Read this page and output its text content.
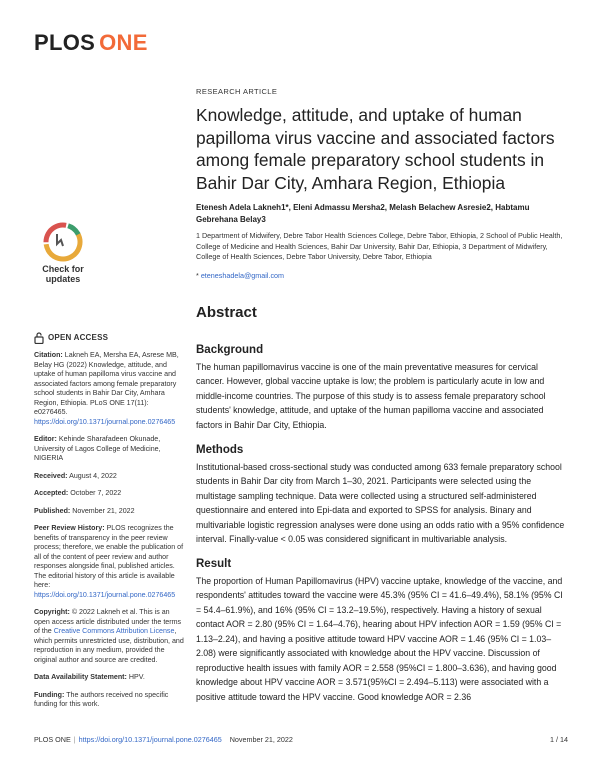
PLOS ONE
Check for
updates
OPEN ACCESS

Citation: Lakneh EA, Mersha EA, Asrese MB, Belay HG (2022) Knowledge, attitude, and uptake of human papilloma virus vaccine and associated factors among female preparatory school students in Bahir Dar City, Amhara Region, Ethiopia. PLoS ONE 17(11): e0276465. https://doi.org/10.1371/journal.pone.0276465

Editor: Kehinde Sharafadeen Okunade, University of Lagos College of Medicine, NIGERIA

Received: August 4, 2022

Accepted: October 7, 2022

Published: November 21, 2022

Peer Review History: PLOS recognizes the benefits of transparency in the peer review process; therefore, we enable the publication of all of the content of peer review and author responses alongside final, published articles. The editorial history of this article is available here: https://doi.org/10.1371/journal.pone.0276465

Copyright: © 2022 Lakneh et al. This is an open access article distributed under the terms of the Creative Commons Attribution License, which permits unrestricted use, distribution, and reproduction in any medium, provided the original author and source are credited.

Data Availability Statement: HPV.

Funding: The authors received no specific funding for this work.

RESEARCH ARTICLE
Knowledge, attitude, and uptake of human papilloma virus vaccine and associated factors among female preparatory school students in Bahir Dar City, Amhara Region, Ethiopia
Etenesh Adela Lakneh1*, Eleni Admassu Mersha2, Melash Belachew Asresie2, Habtamu Gebrehana Belay3
1 Department of Midwifery, Debre Tabor Health Sciences College, Debre Tabor, Ethiopia, 2 School of Public Health, College of Medicine and Health Sciences, Bahir Dar University, Bahir Dar, Ethiopia, 3 Department of Midwifery, College of Health Sciences, Debre Tabor University, Debre Tabor, Ethiopia
* eteneshadela@gmail.com
Abstract
Background
The human papillomavirus vaccine is one of the main preventative measures for cervical cancer. However, global vaccine uptake is low; the problem is particularly acute in low and middle-income countries. The purpose of this study is to assess female preparatory school students' knowledge, attitude, and uptake of the human papilloma vaccine and associated factors in Bahir Dar City, Ethiopia.
Methods
Institutional-based cross-sectional study was conducted among 633 female preparatory school students in Bahir Dar city from March 1–30, 2021. Participants were selected using the multistage sampling technique. Data were collected using a structured self-administered questionnaire and entered into Epi-data and exported to SPSS for analysis. Binary and multivariable logistic regression analyses were done using an odds ratio with a 95% confidence interval. Finally-value < 0.05 was considered significant in multivariable analysis.
Result
The proportion of Human Papillomavirus (HPV) vaccine uptake, knowledge of the vaccine, and respondents' attitudes toward the vaccine were 45.3% (95% CI = 41.6–49.4%), 58.1% (95% CI = 54.4–61.9%), and 16% (95% CI = 13.2–19.5%), respectively. Having a history of sexual contact AOR = 2.80 (95% CI = 1.64–4.76), hearing about HPV infection AOR = 1.59 (95% CI = 1.13–2.24), and having a positive attitude toward HPV vaccine AOR = 1.46 (95% CI = 1.03–2.08) were significantly associated with knowledge about the HPV vaccine. Discussion of reproductive health issues with family AOR = 2.558 (95%CI = 1.800–3.636), and having good knowledge about HPV vaccine AOR = 3.571(95%CI = 2.494–5.113) were associated with a positive attitude toward the HPV vaccine. Good knowledge AOR = 2.36
PLOS ONE | https://doi.org/10.1371/journal.pone.0276465 November 21, 2022	1 / 14
